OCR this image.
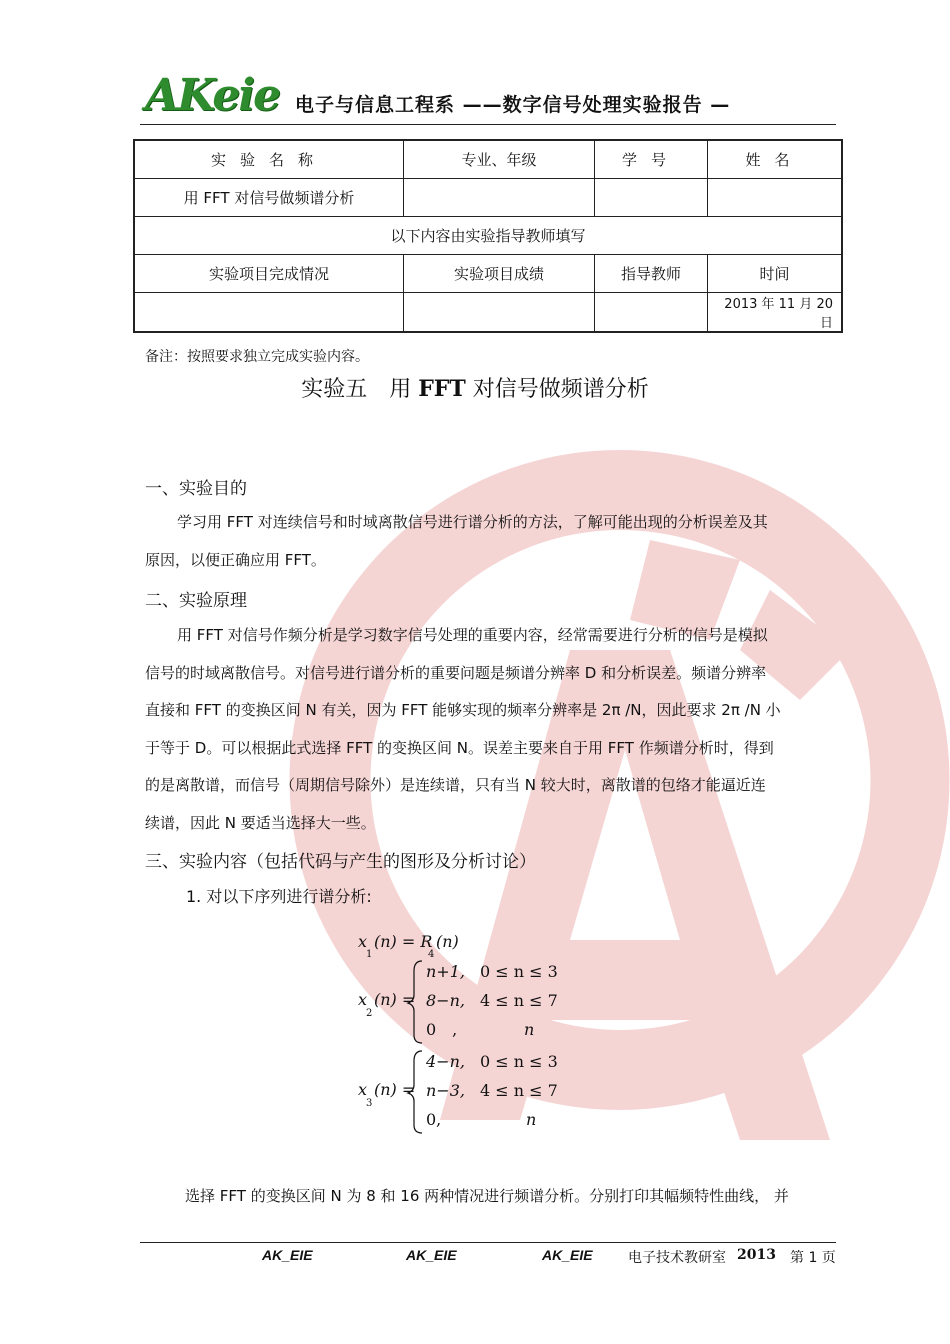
AKeie 电子与信息工程系 ——数字信号处理实验报告 —
实验名称	专业、年级	学号	姓名
用 FFT 对信号做频谱分析			
以下内容由实验指导教师填写			
实验项目完成情况	实验项目成绩	指导教师	时间
			2013 年 11 月 20 日
备注：按照要求独立完成实验内容。
实验五　用 FFT 对信号做频谱分析
一、实验目的
学习用 FFT 对连续信号和时域离散信号进行谱分析的方法，了解可能出现的分析误差及其
原因，以便正确应用 FFT。
二、实验原理
用 FFT 对信号作频分析是学习数字信号处理的重要内容，经常需要进行分析的信号是模拟
信号的时域离散信号。对信号进行谱分析的重要问题是频谱分辨率 D 和分析误差。频谱分辨率
直接和 FFT 的变换区间 N 有关，因为 FFT 能够实现的频率分辨率是 2π /N，因此要求 2π /N 小
于等于 D。可以根据此式选择 FFT 的变换区间 N。误差主要来自于用 FFT 作频谱分析时，得到
的是离散谱，而信号（周期信号除外）是连续谱，只有当 N 较大时，离散谱的包络才能逼近连
续谱，因此 N 要适当选择大一些。
三、实验内容（包括代码与产生的图形及分析讨论）
1. 对以下序列进行谱分析:
x
1
(n) = R
4
(n)
x
2
(n) =
n+1, 0 ≤ n ≤ 3
8−n, 4 ≤ n ≤ 7
0　,	n
x
3
(n) =
4−n, 0 ≤ n ≤ 3
n−3, 4 ≤ n ≤ 7
0,	n
选择 FFT 的变换区间 N 为 8 和 16 两种情况进行频谱分析。分别打印其幅频特性曲线， 并
AK_EIE	AK_EIE	AK_EIE	电子技术教研室 2013 第 1 页
